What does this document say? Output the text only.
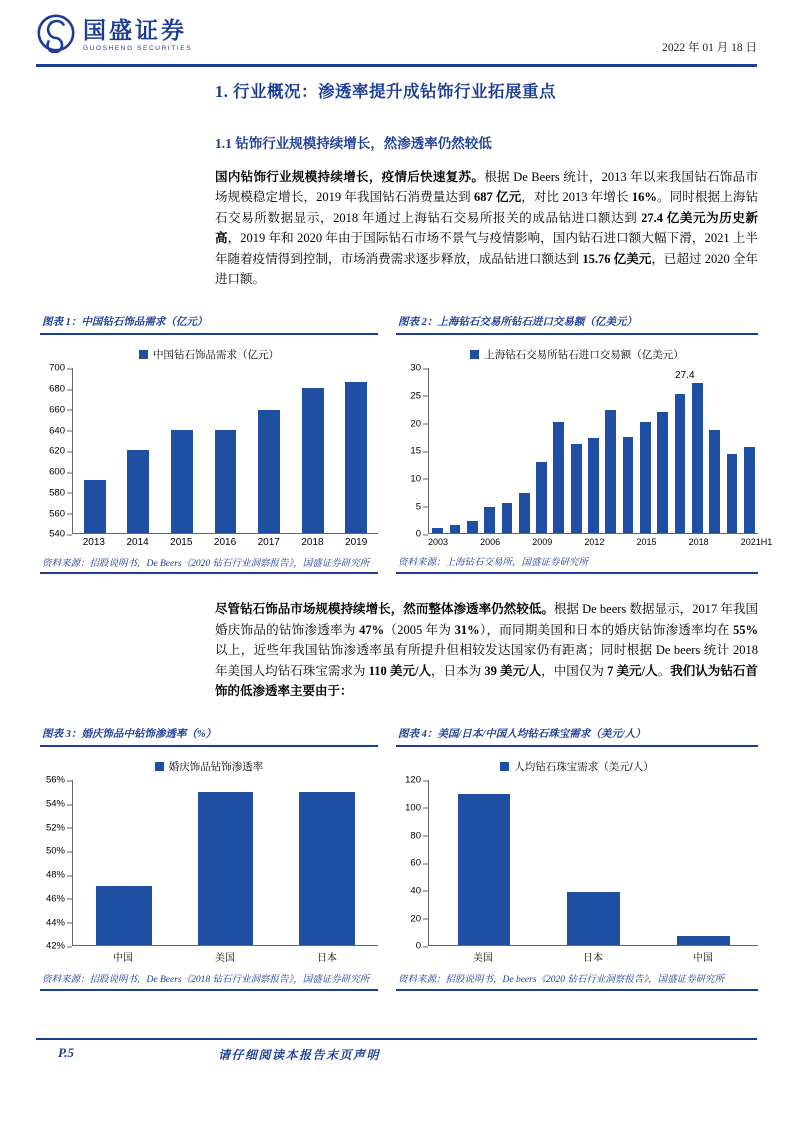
国盛证券
GUOSHENG SECURITIES	2022 年 01 月 18 日
1. 行业概况：渗透率提升成钻饰行业拓展重点
1.1 钻饰行业规模持续增长，然渗透率仍然较低

国内钻饰行业规模持续增长，疫情后快速复苏。根据 De Beers 统计，2013 年以来我国钻石饰品市场规模稳定增长，2019 年我国钻石消费量达到 687 亿元，对比 2013 年增长 16%。同时根据上海钻石交易所数据显示，2018 年通过上海钻石交易所报关的成品钻进口额达到 27.4 亿美元为历史新高，2019 年和 2020 年由于国际钻石市场不景气与疫情影响，国内钻石进口额大幅下滑，2021 上半年随着疫情得到控制，市场消费需求逐步释放，成品钻进口额达到 15.76 亿美元，已超过 2020 全年进口额。

图表 1：中国钻石饰品需求（亿元）
中国钻石饰品需求（亿元）
540
560
580
600
620
640
660
680
700
2013	2014	2015	2016	2017	2018	2019
资料来源：招股说明书，De Beers《2020 钻石行业洞察报告》，国盛证券研究所
图表 2：上海钻石交易所钻石进口交易额（亿美元）
上海钻石交易所钻石进口交易额（亿美元）
0
5
10
15
20
25
30
27.4
2003	2006	2009	2012	2015	2018	2021H1
资料来源：上海钻石交易所，国盛证券研究所

尽管钻石饰品市场规模持续增长，然而整体渗透率仍然较低。根据 De beers 数据显示，2017 年我国婚庆饰品的钻饰渗透率为 47%（2005 年为 31%），而同期美国和日本的婚庆钻饰渗透率均在 55%以上，近些年我国钻饰渗透率虽有所提升但相较发达国家仍有距离；同时根据 De beers 统计 2018 年美国人均钻石珠宝需求为 110 美元/人，日本为 39 美元/人，中国仅为 7 美元/人。我们认为钻石首饰的低渗透率主要由于：

图表 3：婚庆饰品中钻饰渗透率（%）
婚庆饰品钻饰渗透率
42%
44%
46%
48%
50%
52%
54%
56%
中国	美国	日本
资料来源：招股说明书，De Beers《2018 钻石行业洞察报告》，国盛证券研究所
图表 4：美国/日本/中国人均钻石珠宝需求（美元/人）
人均钻石珠宝需求（美元/人）
0
20
40
60
80
100
120
美国	日本	中国
资料来源：招股说明书，De beers《2020 钻石行业洞察报告》，国盛证券研究所
P.5	请仔细阅读本报告末页声明
